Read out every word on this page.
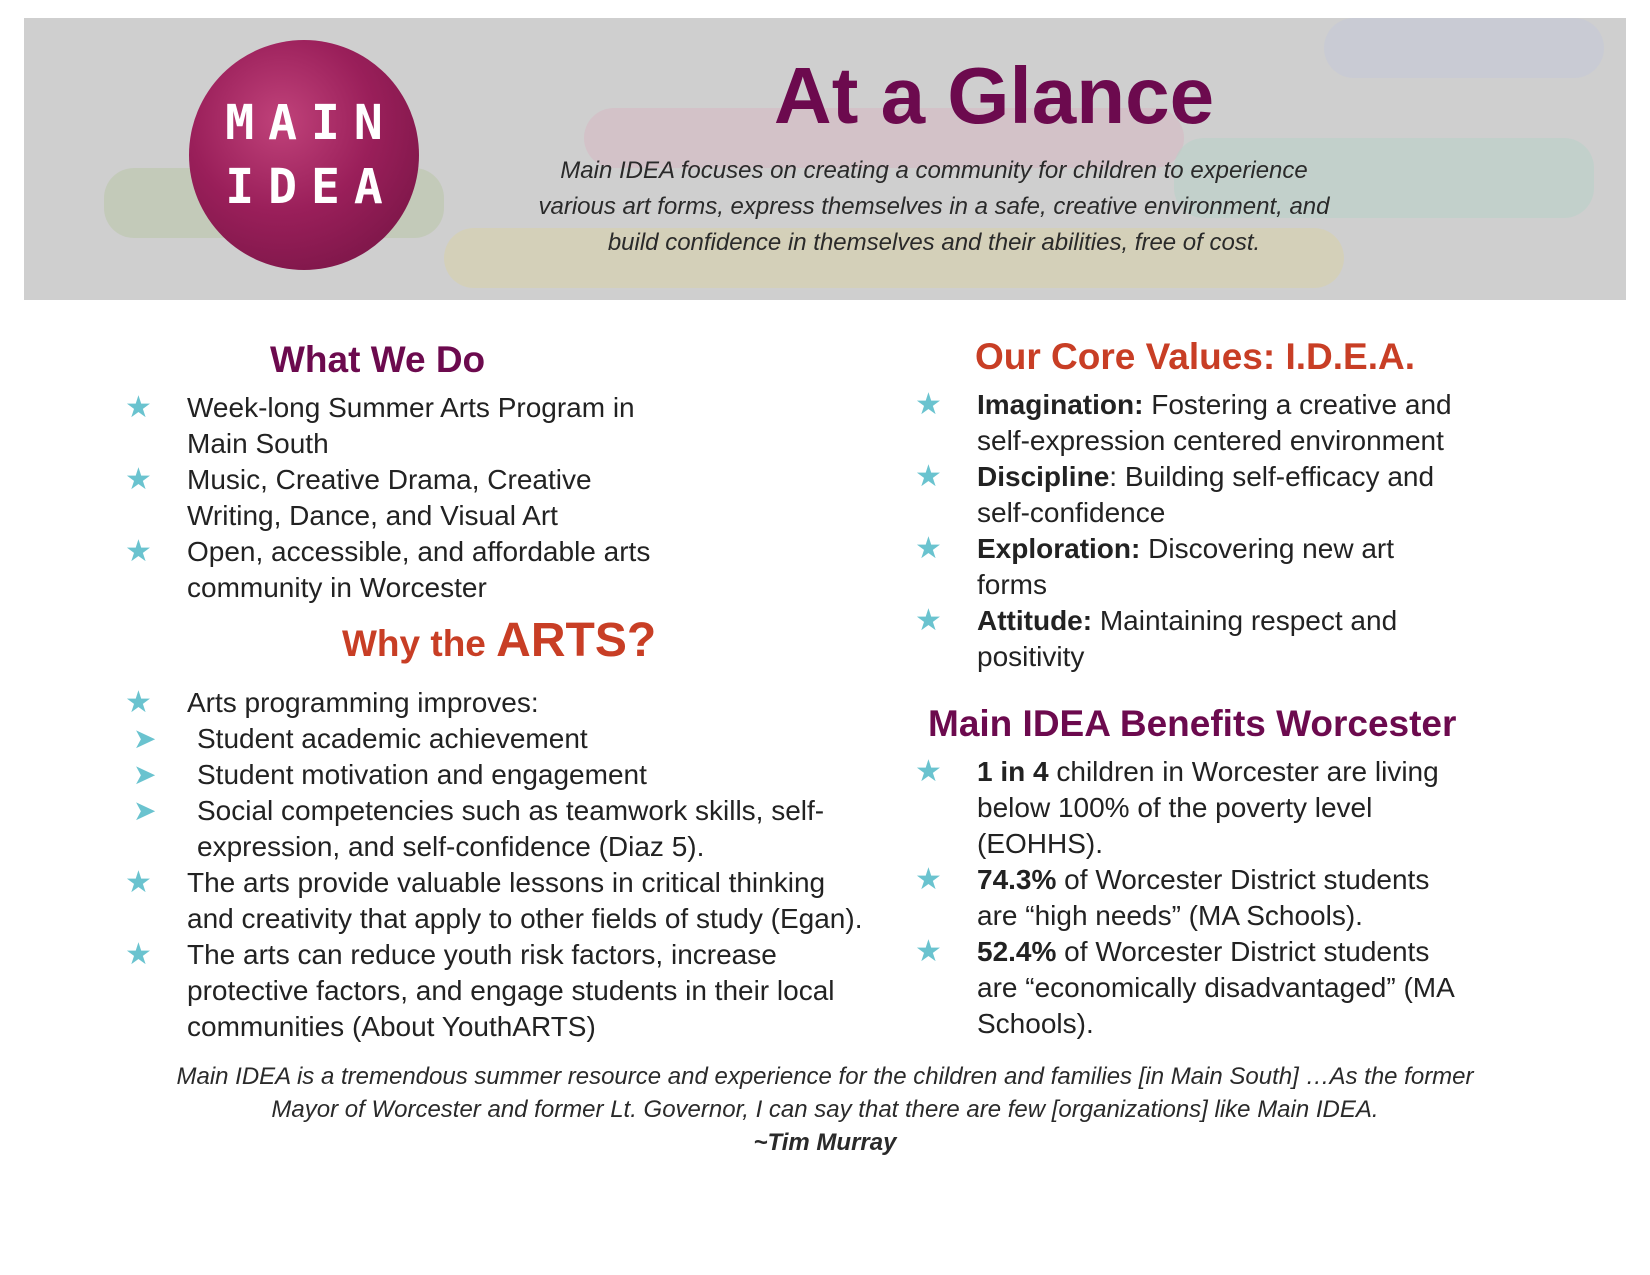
MAIN
IDEA
At a Glance

Main IDEA focuses on creating a community for children to experience
various art forms, express themselves in a safe, creative environment, and
build confidence in themselves and their abilities, free of cost.

What We Do
★ Week-long Summer Arts Program in Main South
★ Music, Creative Drama, Creative Writing, Dance, and Visual Art
★ Open, accessible, and affordable arts community in Worcester
Why the ARTS?
★ Arts programming improves:
➤ Student academic achievement
➤ Student motivation and engagement
➤ Social competencies such as teamwork skills, self-expression, and self-confidence (Diaz 5).
★ The arts provide valuable lessons in critical thinking and creativity that apply to other fields of study (Egan).
★ The arts can reduce youth risk factors, increase protective factors, and engage students in their local communities (About YouthARTS)
Our Core Values: I.D.E.A.
★ Imagination: Fostering a creative and self-expression centered environment
★ Discipline: Building self-efficacy and self-confidence
★ Exploration: Discovering new art forms
★ Attitude: Maintaining respect and positivity
Main IDEA Benefits Worcester
★ 1 in 4 children in Worcester are living below 100% of the poverty level (EOHHS).
★ 74.3% of Worcester District students are “high needs” (MA Schools).
★ 52.4% of Worcester District students are “economically disadvantaged” (MA Schools).

Main IDEA is a tremendous summer resource and experience for the children and families [in Main South] …As the former
Mayor of Worcester and former Lt. Governor, I can say that there are few [organizations] like Main IDEA.
~Tim Murray
